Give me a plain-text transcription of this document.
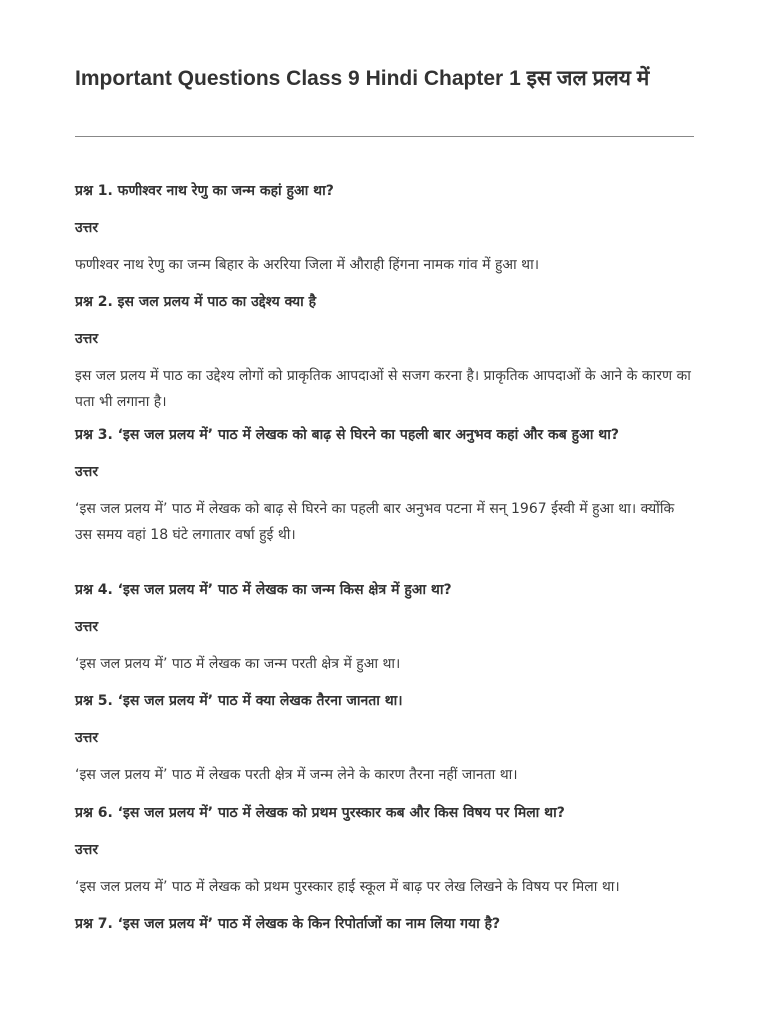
Important Questions Class 9 Hindi Chapter 1 इस जल प्रलय में

प्रश्न 1. फणीश्वर नाथ रेणु का जन्म कहां हुआ था?

उत्तर

फणीश्वर नाथ रेणु का जन्म बिहार के अररिया जिला में औराही हिंगना नामक गांव में हुआ था।

प्रश्न 2. इस जल प्रलय में पाठ का उद्देश्य क्या है

उत्तर

इस जल प्रलय में पाठ का उद्देश्य लोगों को प्राकृतिक आपदाओं से सजग करना है। प्राकृतिक आपदाओं के आने के कारण का पता भी लगाना है।

प्रश्न 3. ‘इस जल प्रलय में’ पाठ में लेखक को बाढ़ से घिरने का पहली बार अनुभव कहां और कब हुआ था?

उत्तर

‘इस जल प्रलय में’ पाठ में लेखक को बाढ़ से घिरने का पहली बार अनुभव पटना में सन् 1967 ईस्वी में हुआ था। क्योंकि उस समय वहां 18 घंटे लगातार वर्षा हुई थी।

प्रश्न 4. ‘इस जल प्रलय में’ पाठ में लेखक का जन्म किस क्षेत्र में हुआ था?

उत्तर

‘इस जल प्रलय में’ पाठ में लेखक का जन्म परती क्षेत्र में हुआ था।

प्रश्न 5. ‘इस जल प्रलय में’ पाठ में क्या लेखक तैरना जानता था।

उत्तर

‘इस जल प्रलय में’ पाठ में लेखक परती क्षेत्र में जन्म लेने के कारण तैरना नहीं जानता था।

प्रश्न 6. ‘इस जल प्रलय में’ पाठ में लेखक को प्रथम पुरस्कार कब और किस विषय पर मिला था?

उत्तर

‘इस जल प्रलय में’ पाठ में लेखक को प्रथम पुरस्कार हाई स्कूल में बाढ़ पर लेख लिखने के विषय पर मिला था।

प्रश्न 7. ‘इस जल प्रलय में’ पाठ में लेखक के किन रिपोर्ताजों का नाम लिया गया है?
